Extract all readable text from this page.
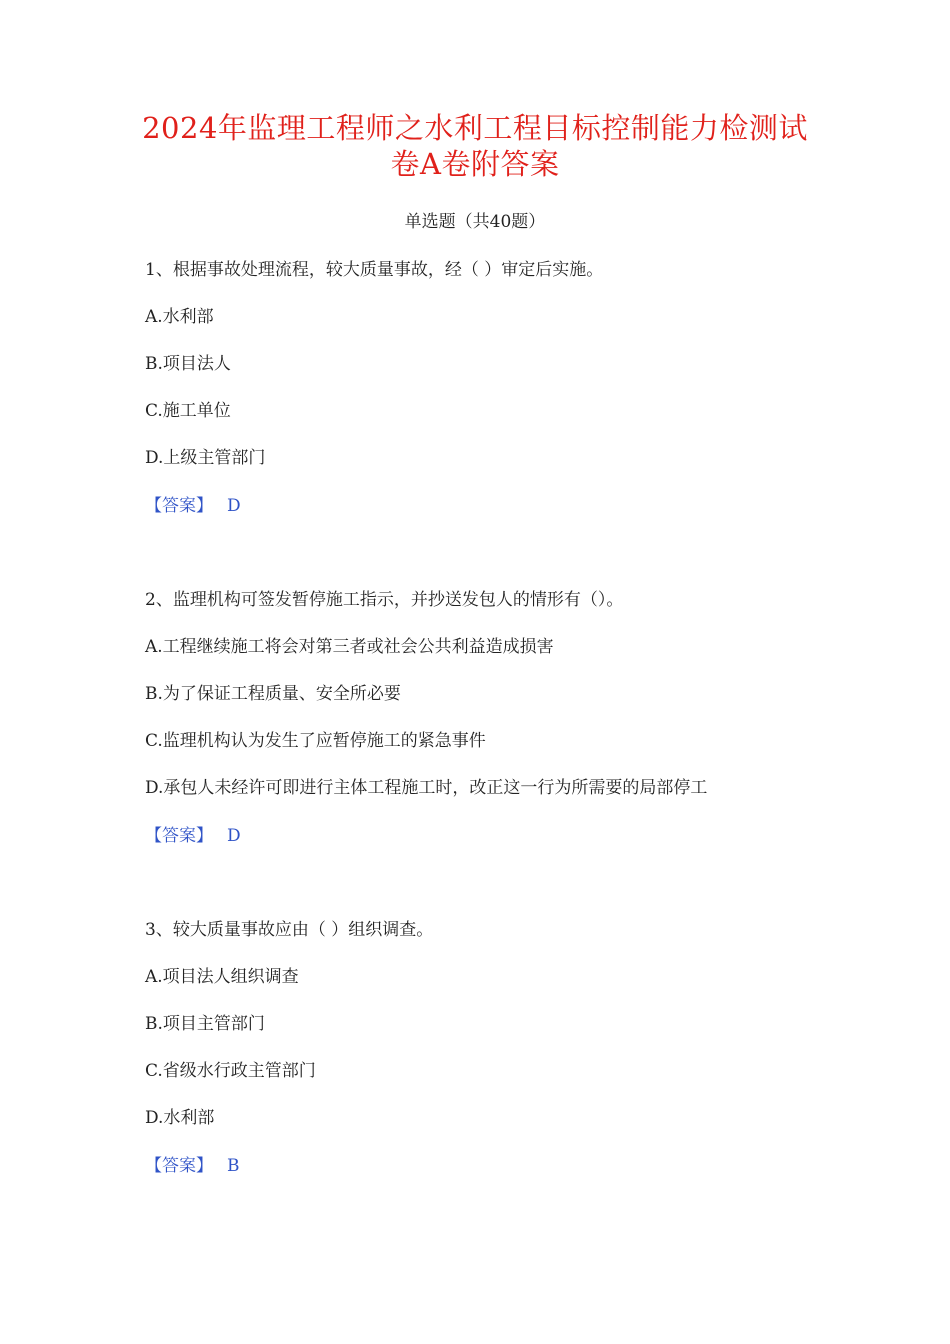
2024年监理工程师之水利工程目标控制能力检测试
卷A卷附答案
单选题（共40题）
1、根据事故处理流程，较大质量事故，经（ ）审定后实施。
A.水利部
B.项目法人
C.施工单位
D.上级主管部门
【答案】 D
2、监理机构可签发暂停施工指示，并抄送发包人的情形有（）。
A.工程继续施工将会对第三者或社会公共利益造成损害
B.为了保证工程质量、安全所必要
C.监理机构认为发生了应暂停施工的紧急事件
D.承包人未经许可即进行主体工程施工时，改正这一行为所需要的局部停工
【答案】 D
3、较大质量事故应由（ ）组织调查。
A.项目法人组织调查
B.项目主管部门
C.省级水行政主管部门
D.水利部
【答案】 B
